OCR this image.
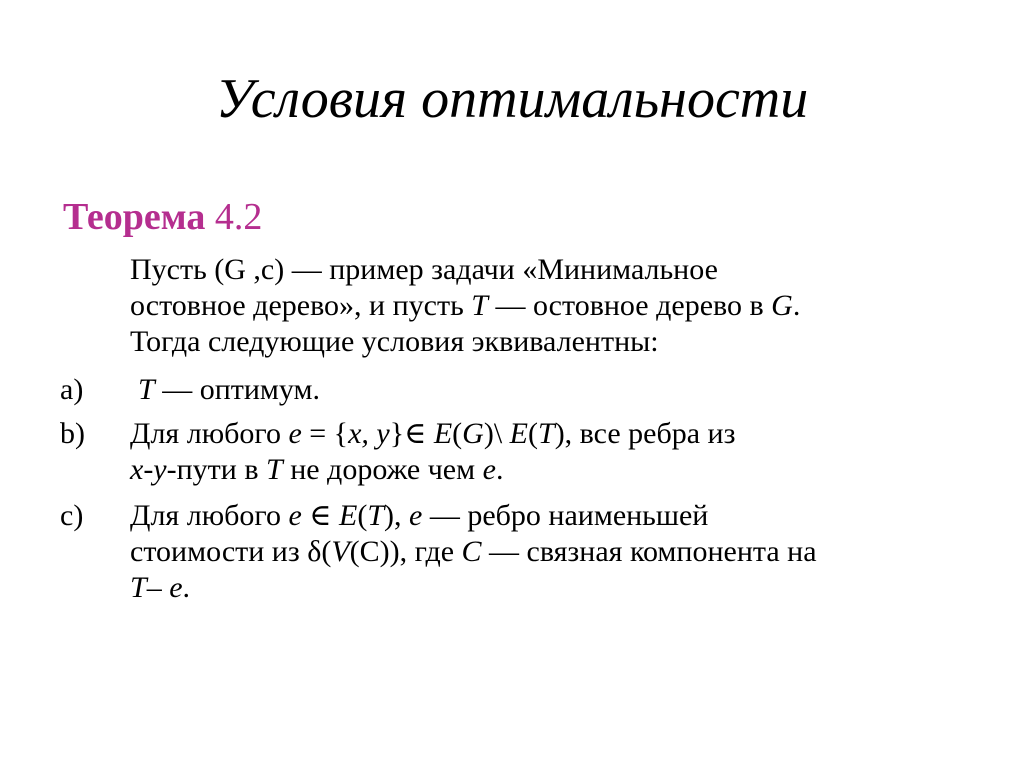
Условия оптимальности
Теорема 4.2
Пусть (G ,c) — пример задачи «Минимальное
остовное дерево», и пусть T — остовное дерево в G.
Тогда следующие условия эквивалентны:
a) T — оптимум.
b) Для любого e = {x, y}∈ E(G)\ E(T), все ребра из
x-y-пути в T не дороже чем e.
c) Для любого e ∈ E(T), e — ребро наименьшей
стоимости из δ(V(C)), где C — связная компонента на
T– e.
